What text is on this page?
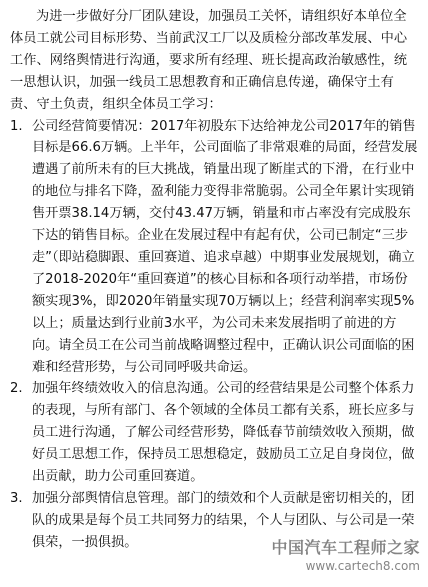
为进一步做好分厂团队建设，加强员工关怀，请组织好本单位全体员工就公司目标形势、当前武汉工厂以及质检分部改革发展、中心工作、网络舆情进行沟通，要求所有经理、班长提高政治敏感性，统一思想认识，加强一线员工思想教育和正确信息传递，确保守土有责、守土负责，组织全体员工学习：

1. 公司经营简要情况：2017年初股东下达给神龙公司2017年的销售目标是66.6万辆。上半年，公司面临了非常艰难的局面，经营发展遭遇了前所未有的巨大挑战，销量出现了断崖式的下滑，在行业中的地位与排名下降，盈利能力变得非常脆弱。公司全年累计实现销售开票38.14万辆，交付43.47万辆，销量和市占率没有完成股东下达的销售目标。企业在发展过程中有起有伏，公司已制定“三步走”（即站稳脚跟、重回赛道、追求卓越）中期事业发展规划，确立了2018-2020年“重回赛道”的核心目标和各项行动举措，市场份额实现3%，即2020年销量实现70万辆以上；经营利润率实现5%以上；质量达到行业前3水平，为公司未来发展指明了前进的方向。请全员工在公司当前战略调整过程中，正确认识公司面临的困难和经营形势，与公司同呼吸共命运。
2. 加强年终绩效收入的信息沟通。公司的经营结果是公司整个体系力的表现，与所有部门、各个领域的全体员工都有关系，班长应多与员工进行沟通，了解公司经营形势，降低春节前绩效收入预期，做好员工思想工作，保持员工思想稳定，鼓励员工立足自身岗位，做出贡献，助力公司重回赛道。
3. 加强分部舆情信息管理。部门的绩效和个人贡献是密切相关的，团队的成果是每个员工共同努力的结果，个人与团队、与公司是一荣俱荣，一损俱损。	中国汽车工程师之家
www.cartech8.com
